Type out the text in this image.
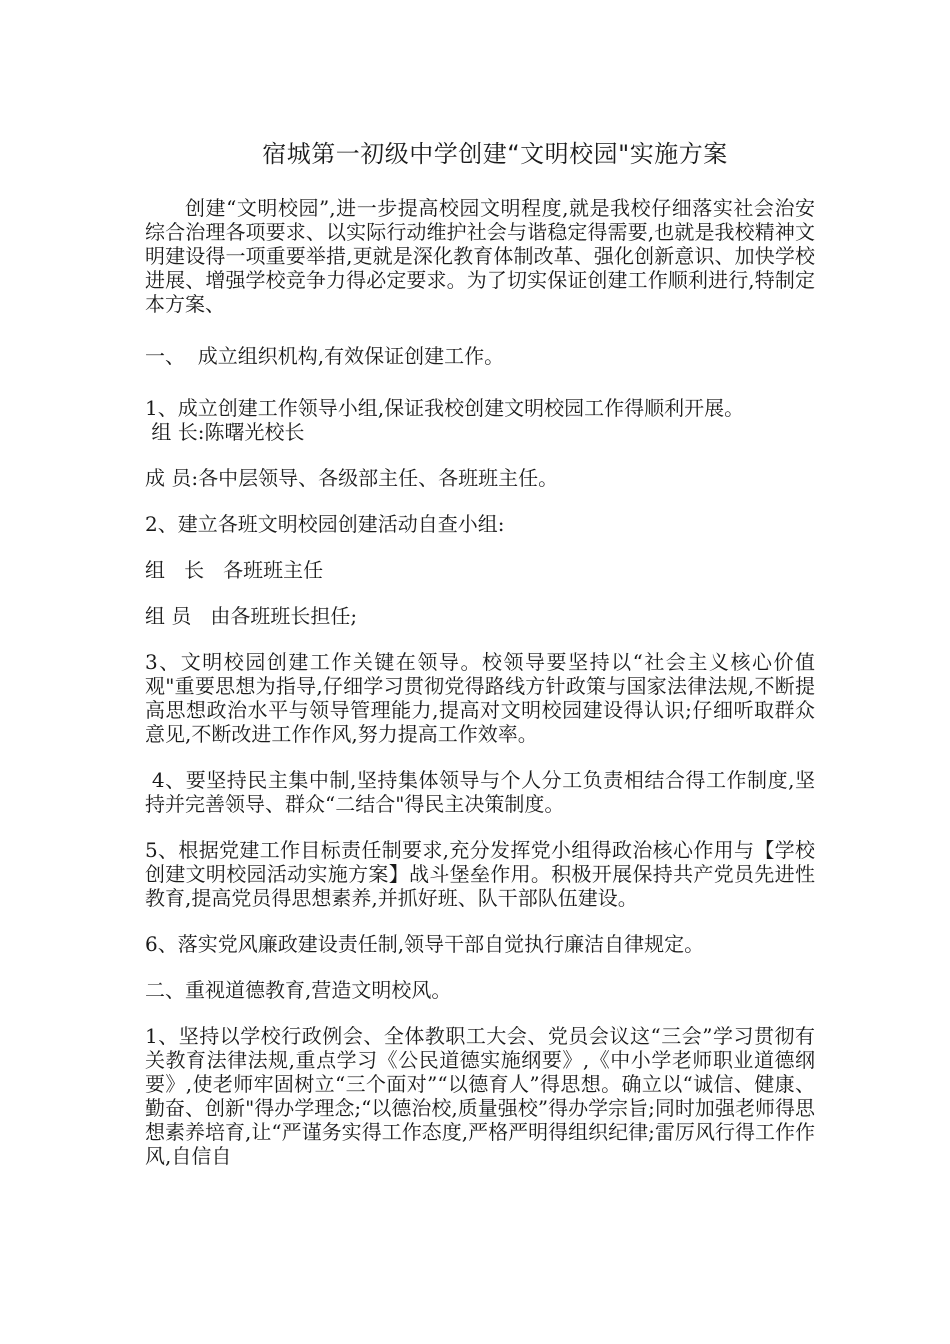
宿城第一初级中学创建“文明校园"实施方案

创建“文明校园”,进一步提高校园文明程度,就是我校仔细落实社会治安综合治理各项要求、以实际行动维护社会与谐稳定得需要,也就是我校精神文明建设得一项重要举措,更就是深化教育体制改革、强化创新意识、加快学校进展、增强学校竞争力得必定要求。为了切实保证创建工作顺利进行,特制定本方案、

一、  成立组织机构,有效保证创建工作。

1、成立创建工作领导小组,保证我校创建文明校园工作得顺利开展。

组 长:陈曙光校长

成 员:各中层领导、各级部主任、各班班主任。

2、建立各班文明校园创建活动自查小组:

组   长   各班班主任

组 员   由各班班长担任;

3、文明校园创建工作关键在领导。校领导要坚持以“社会主义核心价值观"重要思想为指导,仔细学习贯彻党得路线方针政策与国家法律法规,不断提高思想政治水平与领导管理能力,提高对文明校园建设得认识;仔细听取群众意见,不断改进工作作风,努力提高工作效率。

4、要坚持民主集中制,坚持集体领导与个人分工负责相结合得工作制度,坚持并完善领导、群众“二结合"得民主决策制度。

5、根据党建工作目标责任制要求,充分发挥党小组得政治核心作用与【学校创建文明校园活动实施方案】战斗堡垒作用。积极开展保持共产党员先进性教育,提高党员得思想素养,并抓好班、队干部队伍建设。

6、落实党风廉政建设责任制,领导干部自觉执行廉洁自律规定。

二、重视道德教育,营造文明校风。

1、坚持以学校行政例会、全体教职工大会、党员会议这“三会”学习贯彻有关教育法律法规,重点学习《公民道德实施纲要》,《中小学老师职业道德纲要》,使老师牢固树立“三个面对”“以德育人”得思想。确立以“诚信、健康、勤奋、创新"得办学理念;“以德治校,质量强校”得办学宗旨;同时加强老师得思想素养培育,让“严谨务实得工作态度,严格严明得组织纪律;雷厉风行得工作作风,自信自
